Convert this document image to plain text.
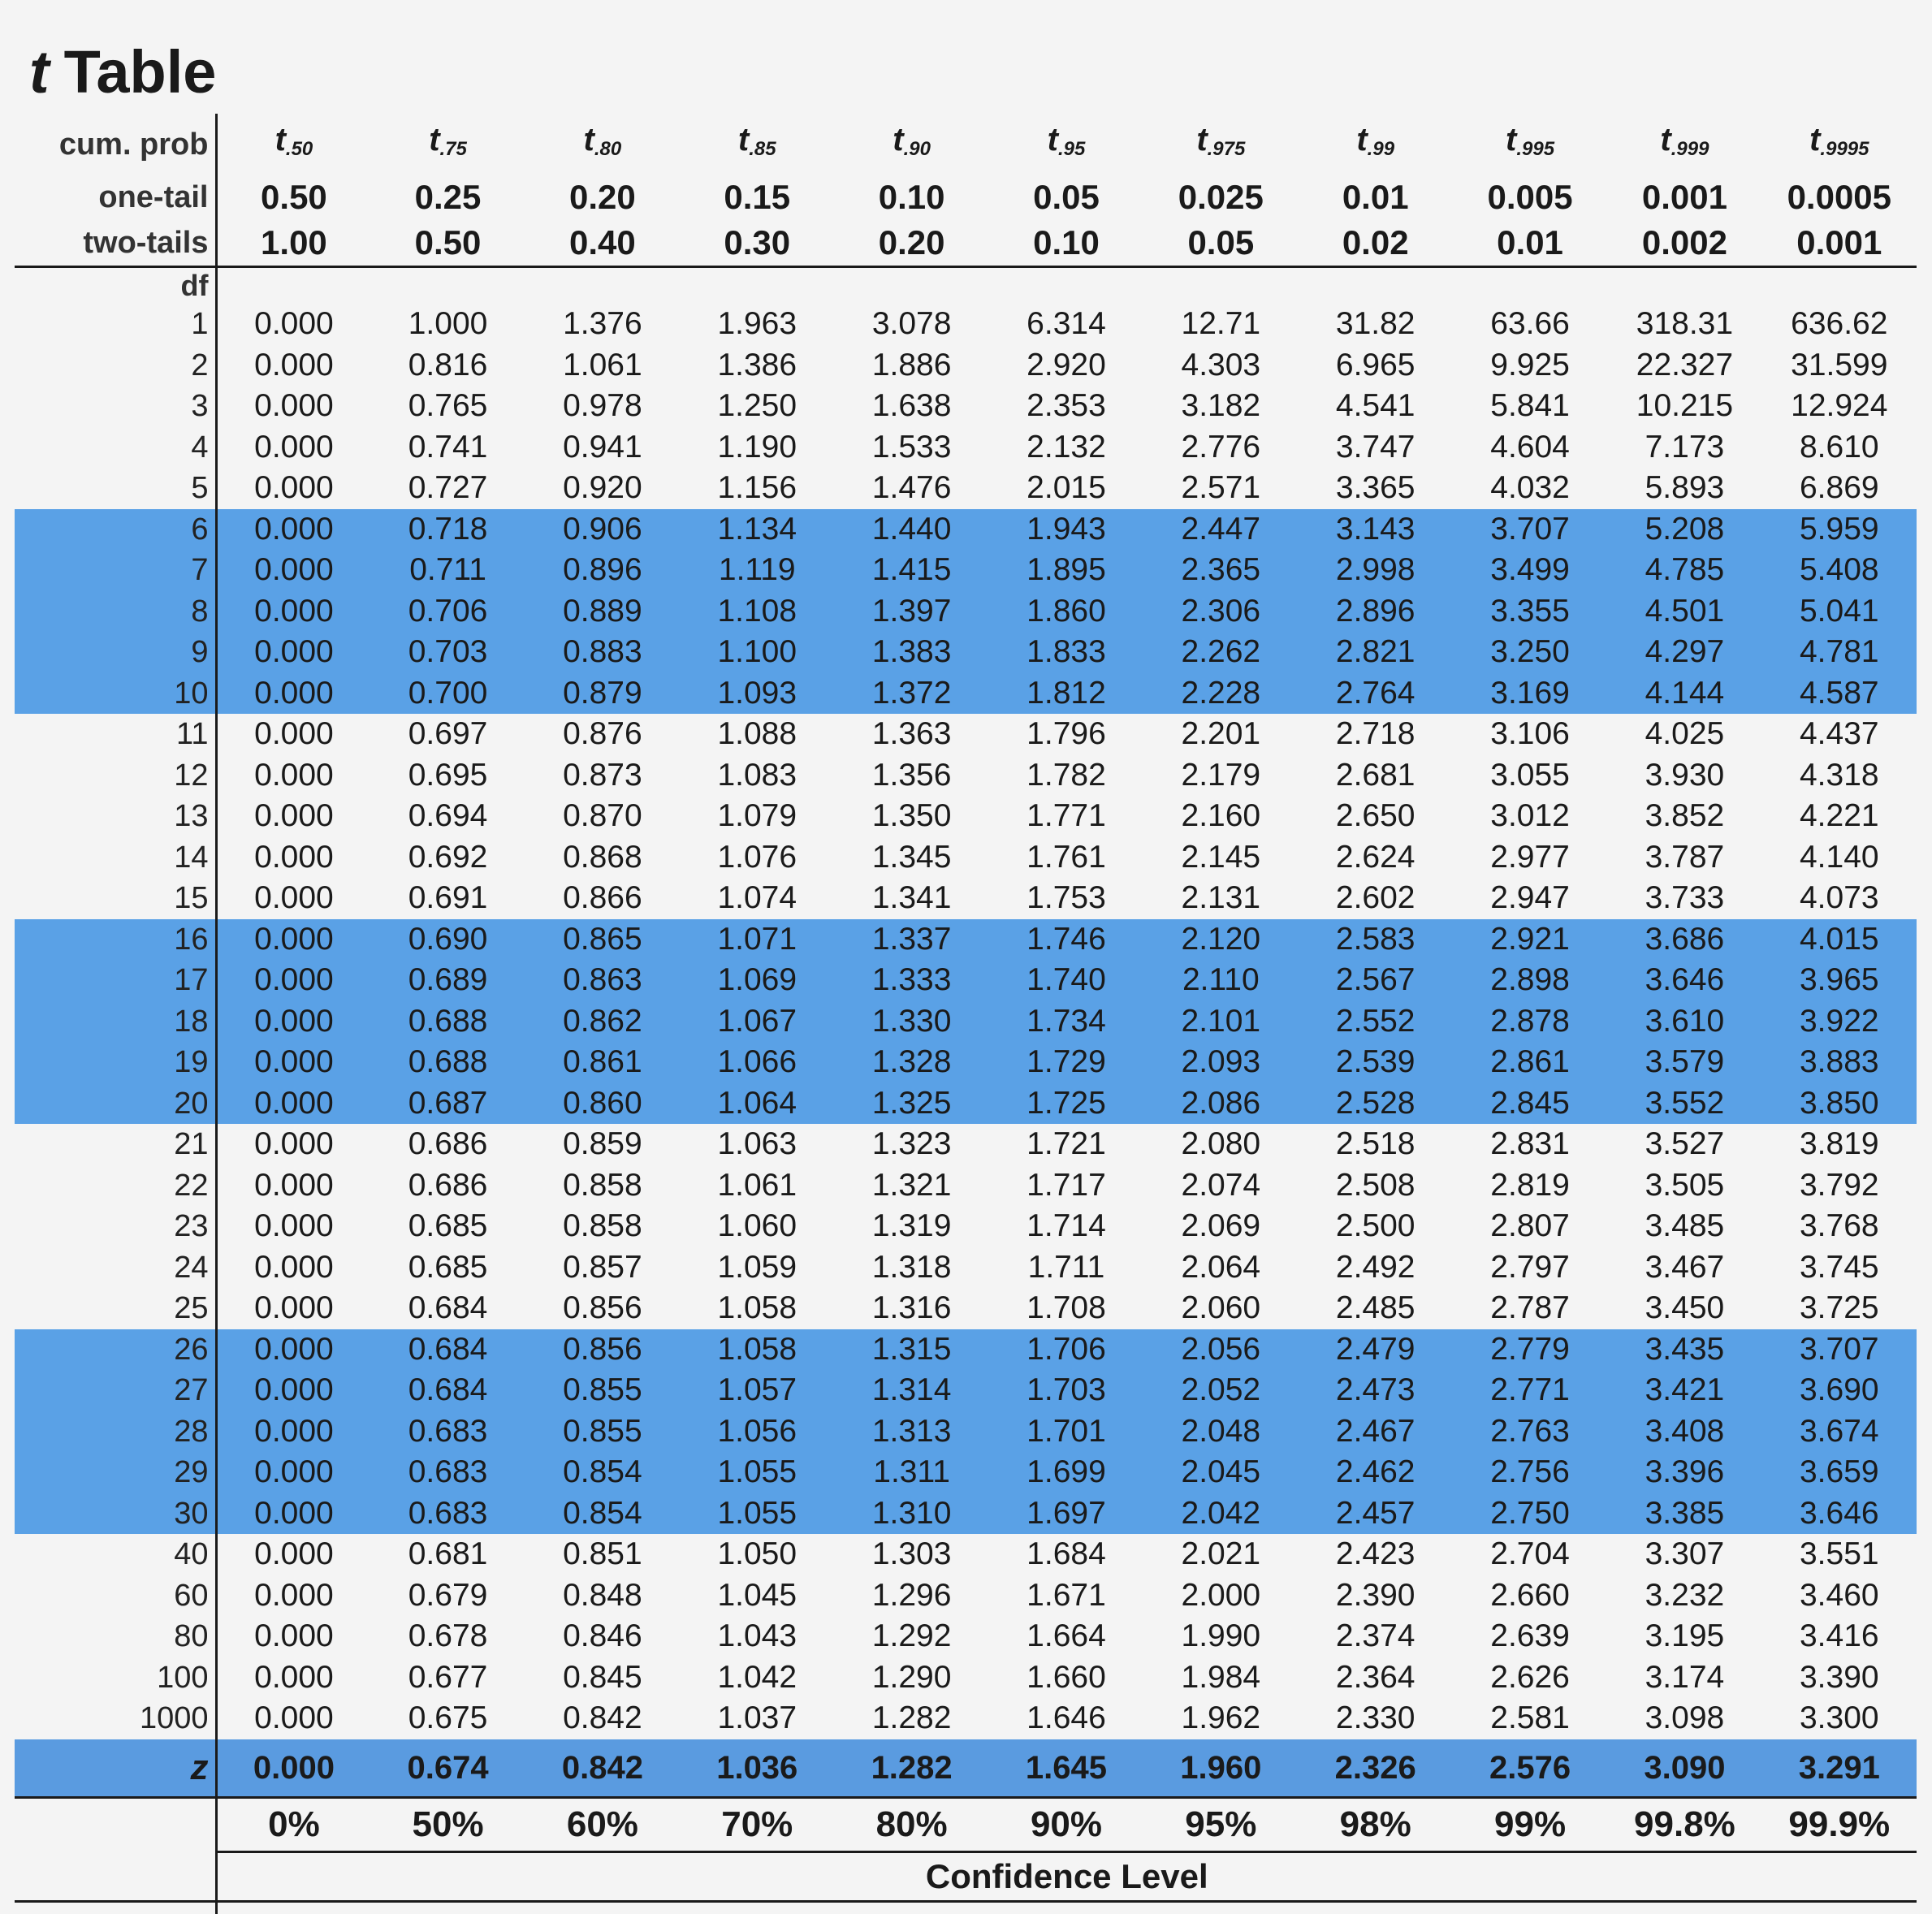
t Table
cum. prob	t.50	t.75	t.80	t.85	t.90	t.95	t.975	t.99	t.995	t.999	t.9995
one-tail	0.50	0.25	0.20	0.15	0.10	0.05	0.025	0.01	0.005	0.001	0.0005
two-tails	1.00	0.50	0.40	0.30	0.20	0.10	0.05	0.02	0.01	0.002	0.001
df											
1	0.000	1.000	1.376	1.963	3.078	6.314	12.71	31.82	63.66	318.31	636.62
2	0.000	0.816	1.061	1.386	1.886	2.920	4.303	6.965	9.925	22.327	31.599
3	0.000	0.765	0.978	1.250	1.638	2.353	3.182	4.541	5.841	10.215	12.924
4	0.000	0.741	0.941	1.190	1.533	2.132	2.776	3.747	4.604	7.173	8.610
5	0.000	0.727	0.920	1.156	1.476	2.015	2.571	3.365	4.032	5.893	6.869
6	0.000	0.718	0.906	1.134	1.440	1.943	2.447	3.143	3.707	5.208	5.959
7	0.000	0.711	0.896	1.119	1.415	1.895	2.365	2.998	3.499	4.785	5.408
8	0.000	0.706	0.889	1.108	1.397	1.860	2.306	2.896	3.355	4.501	5.041
9	0.000	0.703	0.883	1.100	1.383	1.833	2.262	2.821	3.250	4.297	4.781
10	0.000	0.700	0.879	1.093	1.372	1.812	2.228	2.764	3.169	4.144	4.587
11	0.000	0.697	0.876	1.088	1.363	1.796	2.201	2.718	3.106	4.025	4.437
12	0.000	0.695	0.873	1.083	1.356	1.782	2.179	2.681	3.055	3.930	4.318
13	0.000	0.694	0.870	1.079	1.350	1.771	2.160	2.650	3.012	3.852	4.221
14	0.000	0.692	0.868	1.076	1.345	1.761	2.145	2.624	2.977	3.787	4.140
15	0.000	0.691	0.866	1.074	1.341	1.753	2.131	2.602	2.947	3.733	4.073
16	0.000	0.690	0.865	1.071	1.337	1.746	2.120	2.583	2.921	3.686	4.015
17	0.000	0.689	0.863	1.069	1.333	1.740	2.110	2.567	2.898	3.646	3.965
18	0.000	0.688	0.862	1.067	1.330	1.734	2.101	2.552	2.878	3.610	3.922
19	0.000	0.688	0.861	1.066	1.328	1.729	2.093	2.539	2.861	3.579	3.883
20	0.000	0.687	0.860	1.064	1.325	1.725	2.086	2.528	2.845	3.552	3.850
21	0.000	0.686	0.859	1.063	1.323	1.721	2.080	2.518	2.831	3.527	3.819
22	0.000	0.686	0.858	1.061	1.321	1.717	2.074	2.508	2.819	3.505	3.792
23	0.000	0.685	0.858	1.060	1.319	1.714	2.069	2.500	2.807	3.485	3.768
24	0.000	0.685	0.857	1.059	1.318	1.711	2.064	2.492	2.797	3.467	3.745
25	0.000	0.684	0.856	1.058	1.316	1.708	2.060	2.485	2.787	3.450	3.725
26	0.000	0.684	0.856	1.058	1.315	1.706	2.056	2.479	2.779	3.435	3.707
27	0.000	0.684	0.855	1.057	1.314	1.703	2.052	2.473	2.771	3.421	3.690
28	0.000	0.683	0.855	1.056	1.313	1.701	2.048	2.467	2.763	3.408	3.674
29	0.000	0.683	0.854	1.055	1.311	1.699	2.045	2.462	2.756	3.396	3.659
30	0.000	0.683	0.854	1.055	1.310	1.697	2.042	2.457	2.750	3.385	3.646
40	0.000	0.681	0.851	1.050	1.303	1.684	2.021	2.423	2.704	3.307	3.551
60	0.000	0.679	0.848	1.045	1.296	1.671	2.000	2.390	2.660	3.232	3.460
80	0.000	0.678	0.846	1.043	1.292	1.664	1.990	2.374	2.639	3.195	3.416
100	0.000	0.677	0.845	1.042	1.290	1.660	1.984	2.364	2.626	3.174	3.390
1000	0.000	0.675	0.842	1.037	1.282	1.646	1.962	2.330	2.581	3.098	3.300
z	0.000	0.674	0.842	1.036	1.282	1.645	1.960	2.326	2.576	3.090	3.291
	0%	50%	60%	70%	80%	90%	95%	98%	99%	99.8%	99.9%
	Confidence Level										
